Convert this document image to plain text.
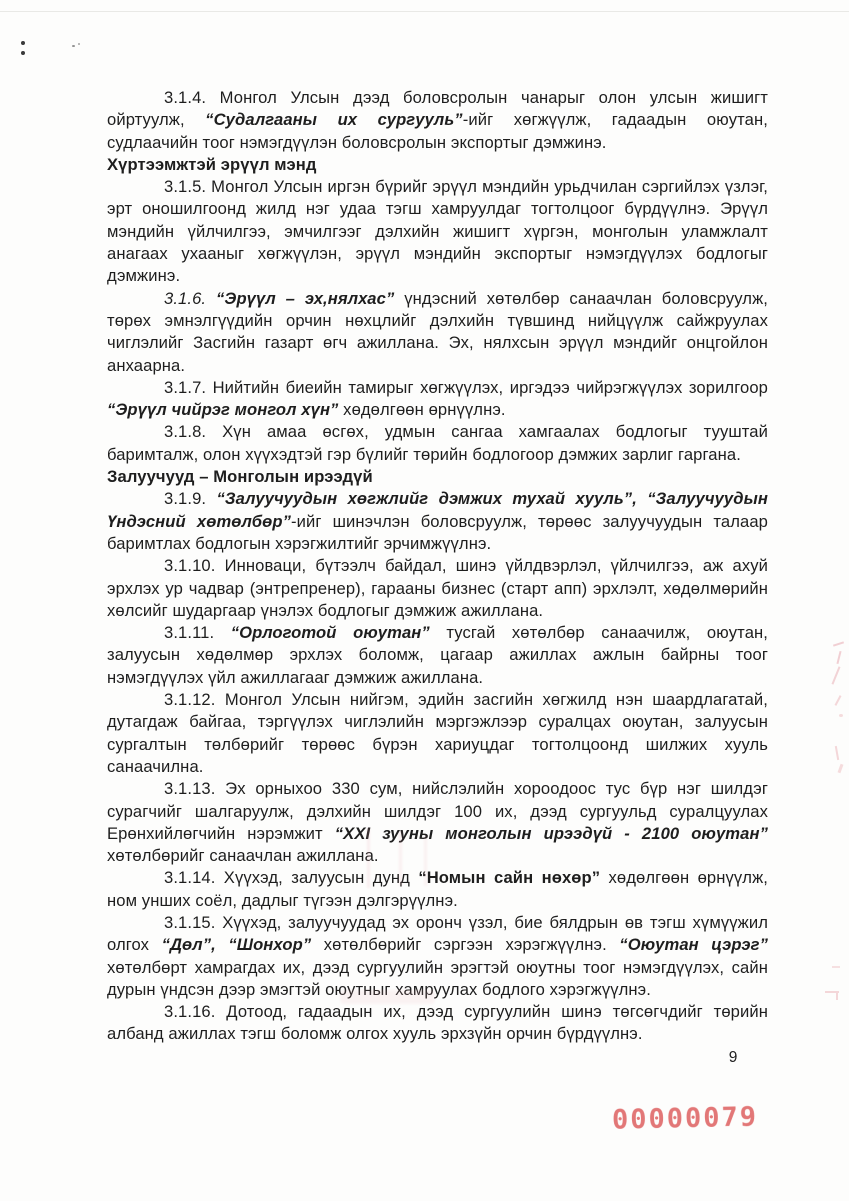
3.1.4. Монгол Улсын дээд боловсролын чанарыг олон улсын жишигт ойртуулж, “Судалгааны их сургууль”-ийг хөгжүүлж, гадаадын оюутан, судлаачийн тоог нэмэгдүүлэн боловсролын экспортыг дэмжинэ.

Хүртээмжтэй эрүүл мэнд

3.1.5. Монгол Улсын иргэн бүрийг эрүүл мэндийн урьдчилан сэргийлэх үзлэг, эрт оношилгоонд жилд нэг удаа тэгш хамруулдаг тогтолцоог бүрдүүлнэ. Эрүүл мэндийн үйлчилгээ, эмчилгээг дэлхийн жишигт хүргэн, монголын уламжлалт анагаах ухааныг хөгжүүлэн, эрүүл мэндийн экспортыг нэмэгдүүлэх бодлогыг дэмжинэ.

3.1.6. “Эрүүл – эх,нялхас” үндэсний хөтөлбөр санаачлан боловсруулж, төрөх эмнэлгүүдийн орчин нөхцлийг дэлхийн түвшинд нийцүүлж сайжруулах чиглэлийг Засгийн газарт өгч ажиллана. Эх, нялхсын эрүүл мэндийг онцгойлон анхаарна.

3.1.7. Нийтийн биеийн тамирыг хөгжүүлэх, иргэдээ чийрэгжүүлэх зорилгоор “Эрүүл чийрэг монгол хүн” хөдөлгөөн өрнүүлнэ.

3.1.8. Хүн амаа өсгөх, удмын сангаа хамгаалах бодлогыг тууштай баримталж, олон хүүхэдтэй гэр бүлийг төрийн бодлогоор дэмжих зарлиг гаргана.

Залуучууд – Монголын ирээдүй

3.1.9. “Залуучуудын хөгжлийг дэмжих тухай хууль”, “Залуучуудын Үндэсний хөтөлбөр”-ийг шинэчлэн боловсруулж, төрөөс залуучуудын талаар баримтлах бодлогын хэрэгжилтийг эрчимжүүлнэ.

3.1.10. Инноваци, бүтээлч байдал, шинэ үйлдвэрлэл, үйлчилгээ, аж ахуй эрхлэх ур чадвар (энтрепренер), гарааны бизнес (старт апп) эрхлэлт, хөдөлмөрийн хөлсийг шударгаар үнэлэх бодлогыг дэмжиж ажиллана.

3.1.11. “Орлоготой оюутан” тусгай хөтөлбөр санаачилж, оюутан, залуусын хөдөлмөр эрхлэх боломж, цагаар ажиллах ажлын байрны тоог нэмэгдүүлэх үйл ажиллагааг дэмжиж ажиллана.

3.1.12. Монгол Улсын нийгэм, эдийн засгийн хөгжилд нэн шаардлагатай, дутагдаж байгаа, тэргүүлэх чиглэлийн мэргэжлээр суралцах оюутан, залуусын сургалтын төлбөрийг төрөөс бүрэн хариуцдаг тогтолцоонд шилжих хууль санаачилна.

3.1.13. Эх орныхоо 330 сум, нийслэлийн хороодоос тус бүр нэг шилдэг сурагчийг шалгаруулж, дэлхийн шилдэг 100 их, дээд сургуульд суралцуулах Ерөнхийлөгчийн нэрэмжит “XXI зууны монголын ирээдүй - 2100 оюутан” хөтөлбөрийг санаачлан ажиллана.

3.1.14. Хүүхэд, залуусын дунд “Номын сайн нөхөр” хөдөлгөөн өрнүүлж, ном унших соёл, дадлыг түгээн дэлгэрүүлнэ.

3.1.15. Хүүхэд, залуучуудад эх оронч үзэл, бие бялдрын өв тэгш хүмүүжил олгох “Дөл”, “Шонхор” хөтөлбөрийг сэргээн хэрэгжүүлнэ. “Оюутан цэрэг” хөтөлбөрт хамрагдах их, дээд сургуулийн эрэгтэй оюутны тоог нэмэгдүүлэх, сайн дурын үндсэн дээр эмэгтэй оюутныг хамруулах бодлого хэрэгжүүлнэ.

3.1.16. Дотоод, гадаадын их, дээд сургуулийн шинэ төгсөгчдийг төрийн албанд ажиллах тэгш боломж олгох хууль эрхзүйн орчин бүрдүүлнэ.

9
00000079
